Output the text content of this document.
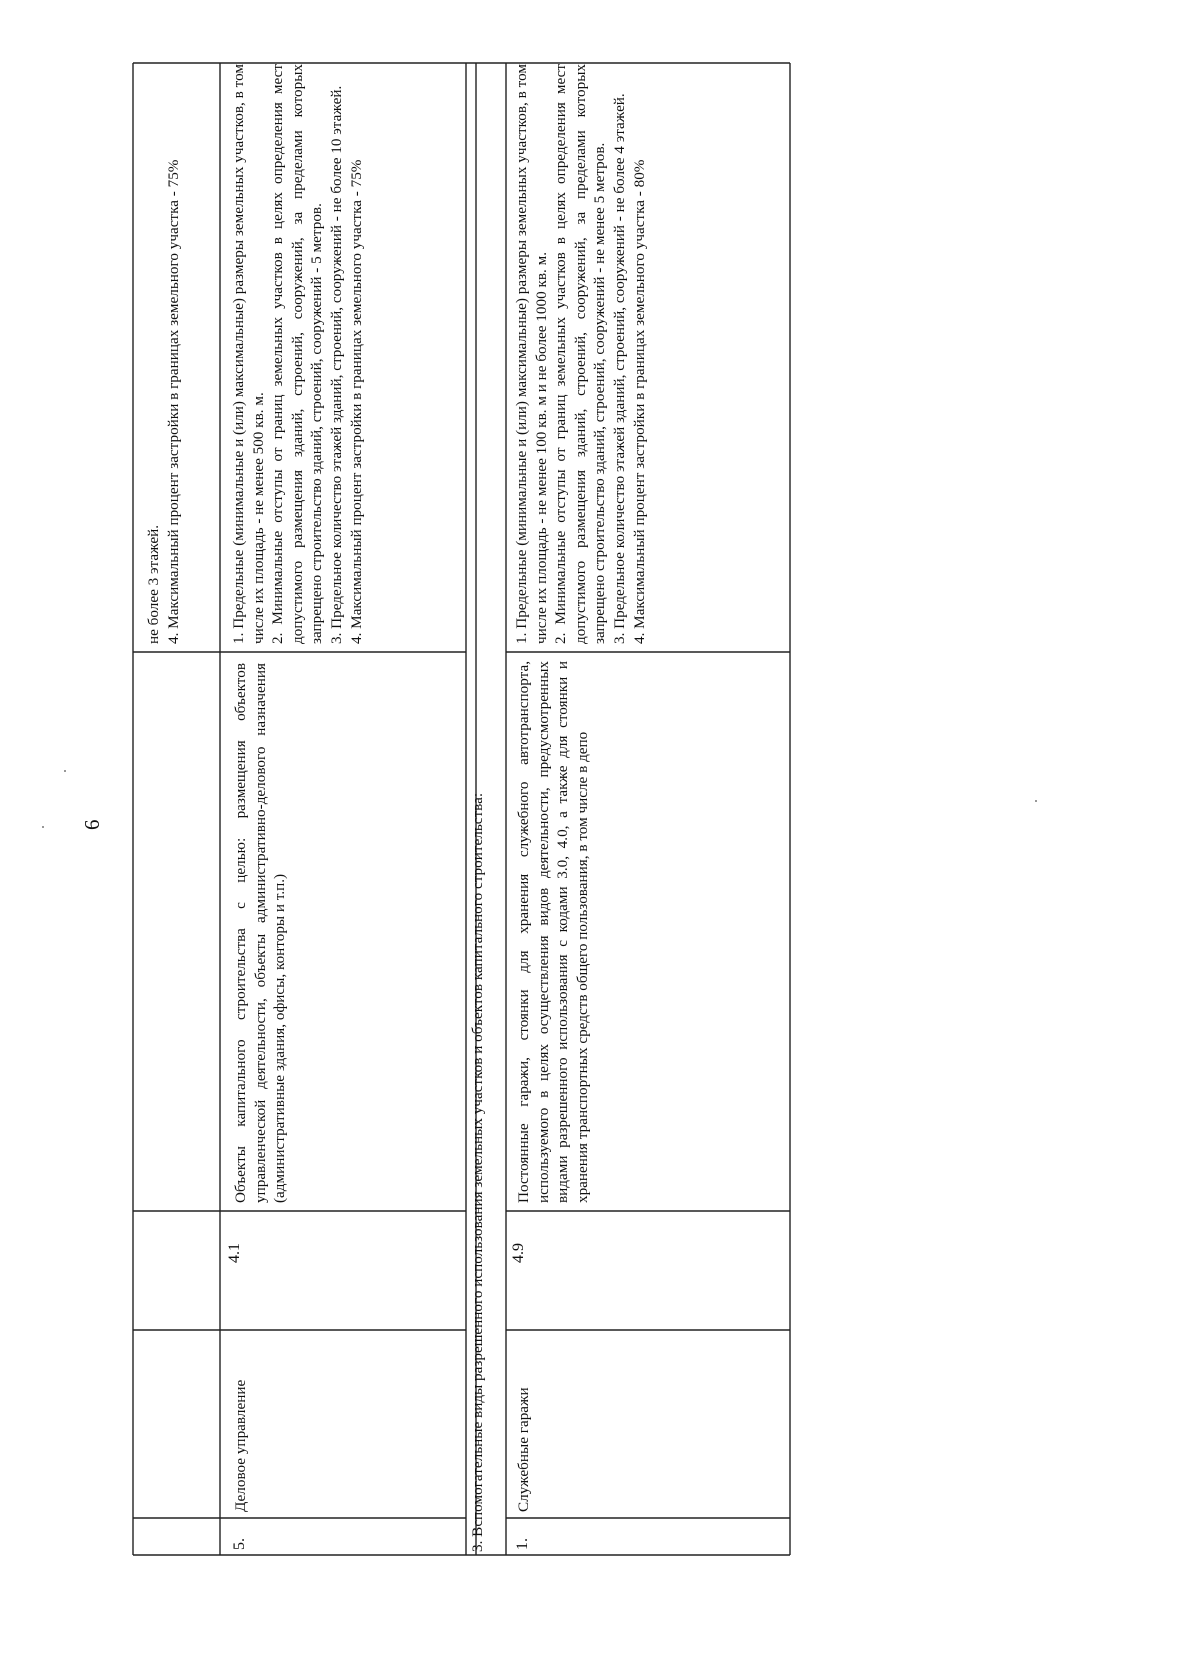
6

не более 3 этажей. 4. Максимальный процент застройки в границах земельного участка - 75%

5.
Деловое управление
4.1
Объекты капитального строительства с целью: размещения объектов управленческой деятельности, объекты административно-делового назначения (административные здания, офисы, конторы и т.п.)

1. Предельные (минимальные и (или) максимальные) размеры земельных участков, в том числе их площадь - не менее 500 кв. м. 2. Минимальные отступы от границ земельных участков в целях определения мест допустимого размещения зданий, строений, сооружений, за пределами которых запрещено строительство зданий, строений, сооружений - 5 метров. 3. Предельное количество этажей зданий, строений, сооружений - не более 10 этажей. 4. Максимальный процент застройки в границах земельного участка - 75%

3. Вспомогательные виды разрешенного использования земельных участков и объектов капитального строительства:	1.
Служебные гаражи
4.9
Постоянные гаражи, стоянки для хранения служебного автотранспорта, используемого в целях осуществления видов деятельности, предусмотренных видами разрешенного использования с кодами 3.0, 4.0, а также для стоянки и хранения транспортных средств общего пользования, в том числе в депо

1. Предельные (минимальные и (или) максимальные) размеры земельных участков, в том числе их площадь - не менее 100 кв. м и не более 1000 кв. м. 2. Минимальные отступы от границ земельных участков в целях определения мест допустимого размещения зданий, строений, сооружений, за пределами которых запрещено строительство зданий, строений, сооружений - не менее 5 метров. 3. Предельное количество этажей зданий, строений, сооружений - не более 4 этажей. 4. Максимальный процент застройки в границах земельного участка - 80%
